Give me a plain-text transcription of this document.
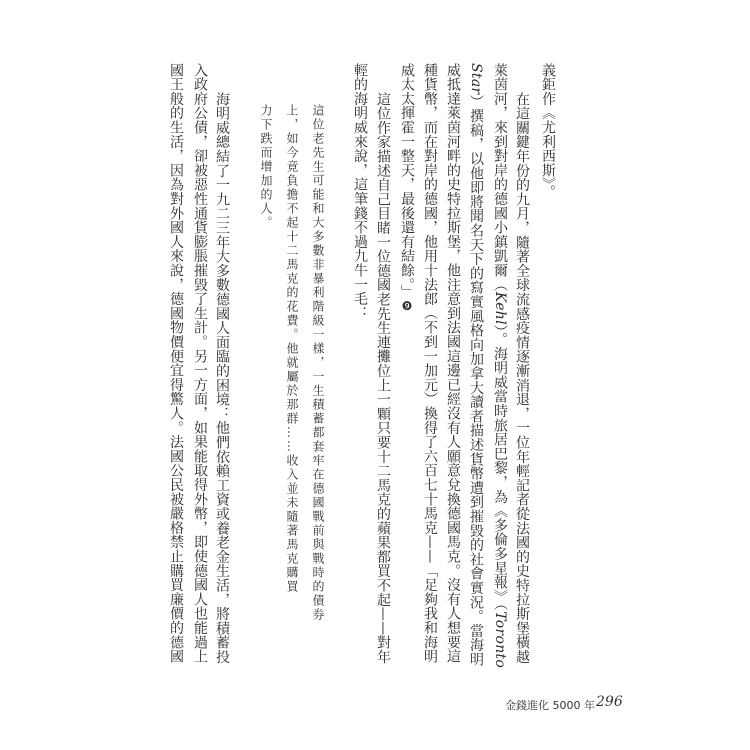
義鉅作《尤利西斯》。
在這關鍵年份的九月，隨著全球流感疫情逐漸消退，一位年輕記者從法國的史特拉斯堡橫越
萊茵河，來到對岸的德國小鎮凱爾（Kehl）。海明威當時旅居巴黎，為《多倫多星報》（Toronto
Star）撰稿，以他即將聞名天下的寫實風格向加拿大讀者描述貨幣遭到摧毀的社會實況。當海明
威抵達萊茵河畔的史特拉斯堡，他注意到法國這邊已經沒有人願意兌換德國馬克。沒有人想要這
種貨幣，而在對岸的德國，他用十法郎（不到一加元）換得了六百七十馬克——「足夠我和海明
威太太揮霍一整天，最後還有結餘。」❾
這位作家描述自己目睹一位德國老先生連攤位上一顆只要十二馬克的蘋果都買不起——對年
輕的海明威來說，這筆錢不過九牛一毛：
這位老先生可能和大多數非暴利階級一樣，一生積蓄都套牢在德國戰前與戰時的債券
上，如今竟負擔不起十二馬克的花費。他就屬於那群……收入並未隨著馬克購買
力下跌而增加的人。
海明威總結了一九二三年大多數德國人面臨的困境：他們依賴工資或養老金生活，將積蓄投
入政府公債，卻被惡性通貨膨脹摧毀了生計。另一方面，如果能取得外幣，即使德國人也能過上
國王般的生活，因為對外國人來說，德國物價便宜得驚人。法國公民被嚴格禁止購買廉價的德國
金錢進化 5000 年 296
